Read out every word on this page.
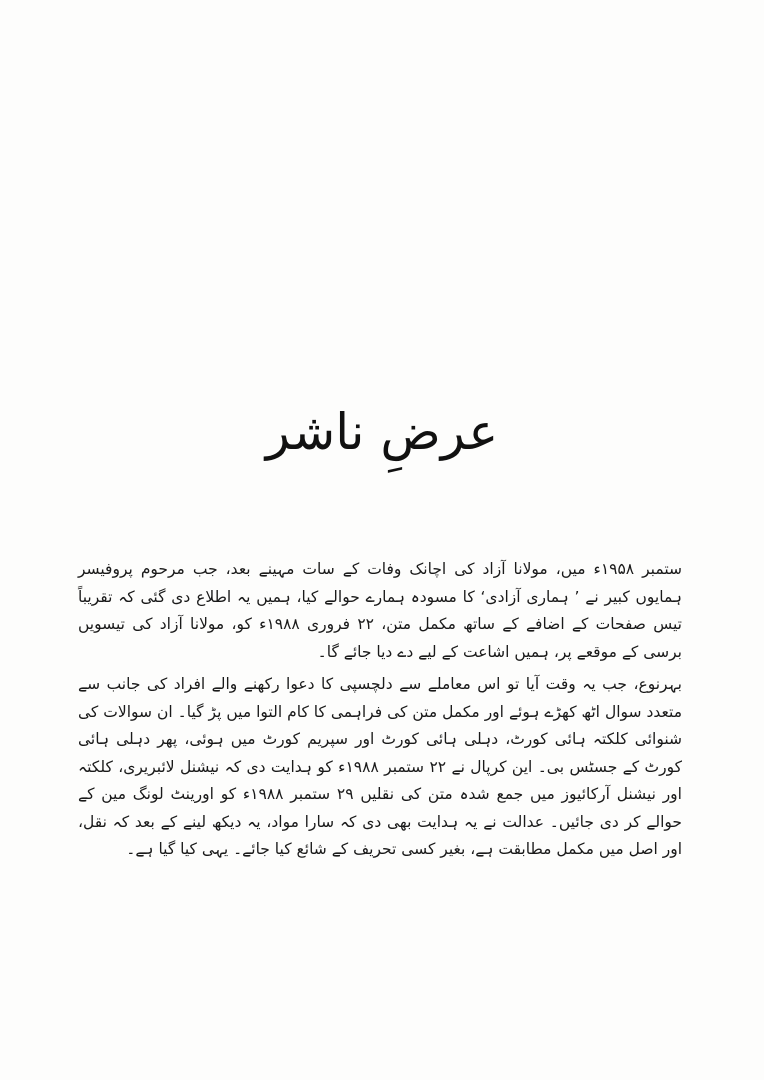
عرضِ ناشر

ستمبر ۱۹۵۸ء میں، مولانا آزاد کی اچانک وفات کے سات مہینے بعد، جب مرحوم پروفیسر ہمایوں کبیر نے ’ ہماری آزادی‘ کا مسودہ ہمارے حوالے کیا، ہمیں یہ اطلاع دی گئی کہ تقریباً تیس صفحات کے اضافے کے ساتھ مکمل متن، ۲۲ فروری ۱۹۸۸ء کو، مولانا آزاد کی تیسویں برسی کے موقعے پر، ہمیں اشاعت کے لیے دے دیا جائے گا۔

بہرنوع، جب یہ وقت آیا تو اس معاملے سے دلچسپی کا دعوا رکھنے والے افراد کی جانب سے متعدد سوال اٹھ کھڑے ہوئے اور مکمل متن کی فراہمی کا کام التوا میں پڑ گیا۔ ان سوالات کی شنوائی کلکتہ ہائی کورٹ، دہلی ہائی کورٹ اور سپریم کورٹ میں ہوئی، پھر دہلی ہائی کورٹ کے جسٹس بی۔ این کرپال نے ۲۲ ستمبر ۱۹۸۸ء کو ہدایت دی کہ نیشنل لائبریری، کلکتہ اور نیشنل آرکائیوز میں جمع شدہ متن کی نقلیں ۲۹ ستمبر ۱۹۸۸ء کو اورینٹ لونگ مین کے حوالے کر دی جائیں۔ عدالت نے یہ ہدایت بھی دی کہ سارا مواد، یہ دیکھ لینے کے بعد کہ نقل، اور اصل میں مکمل مطابقت ہے، بغیر کسی تحریف کے شائع کیا جائے۔ یہی کیا گیا ہے۔
